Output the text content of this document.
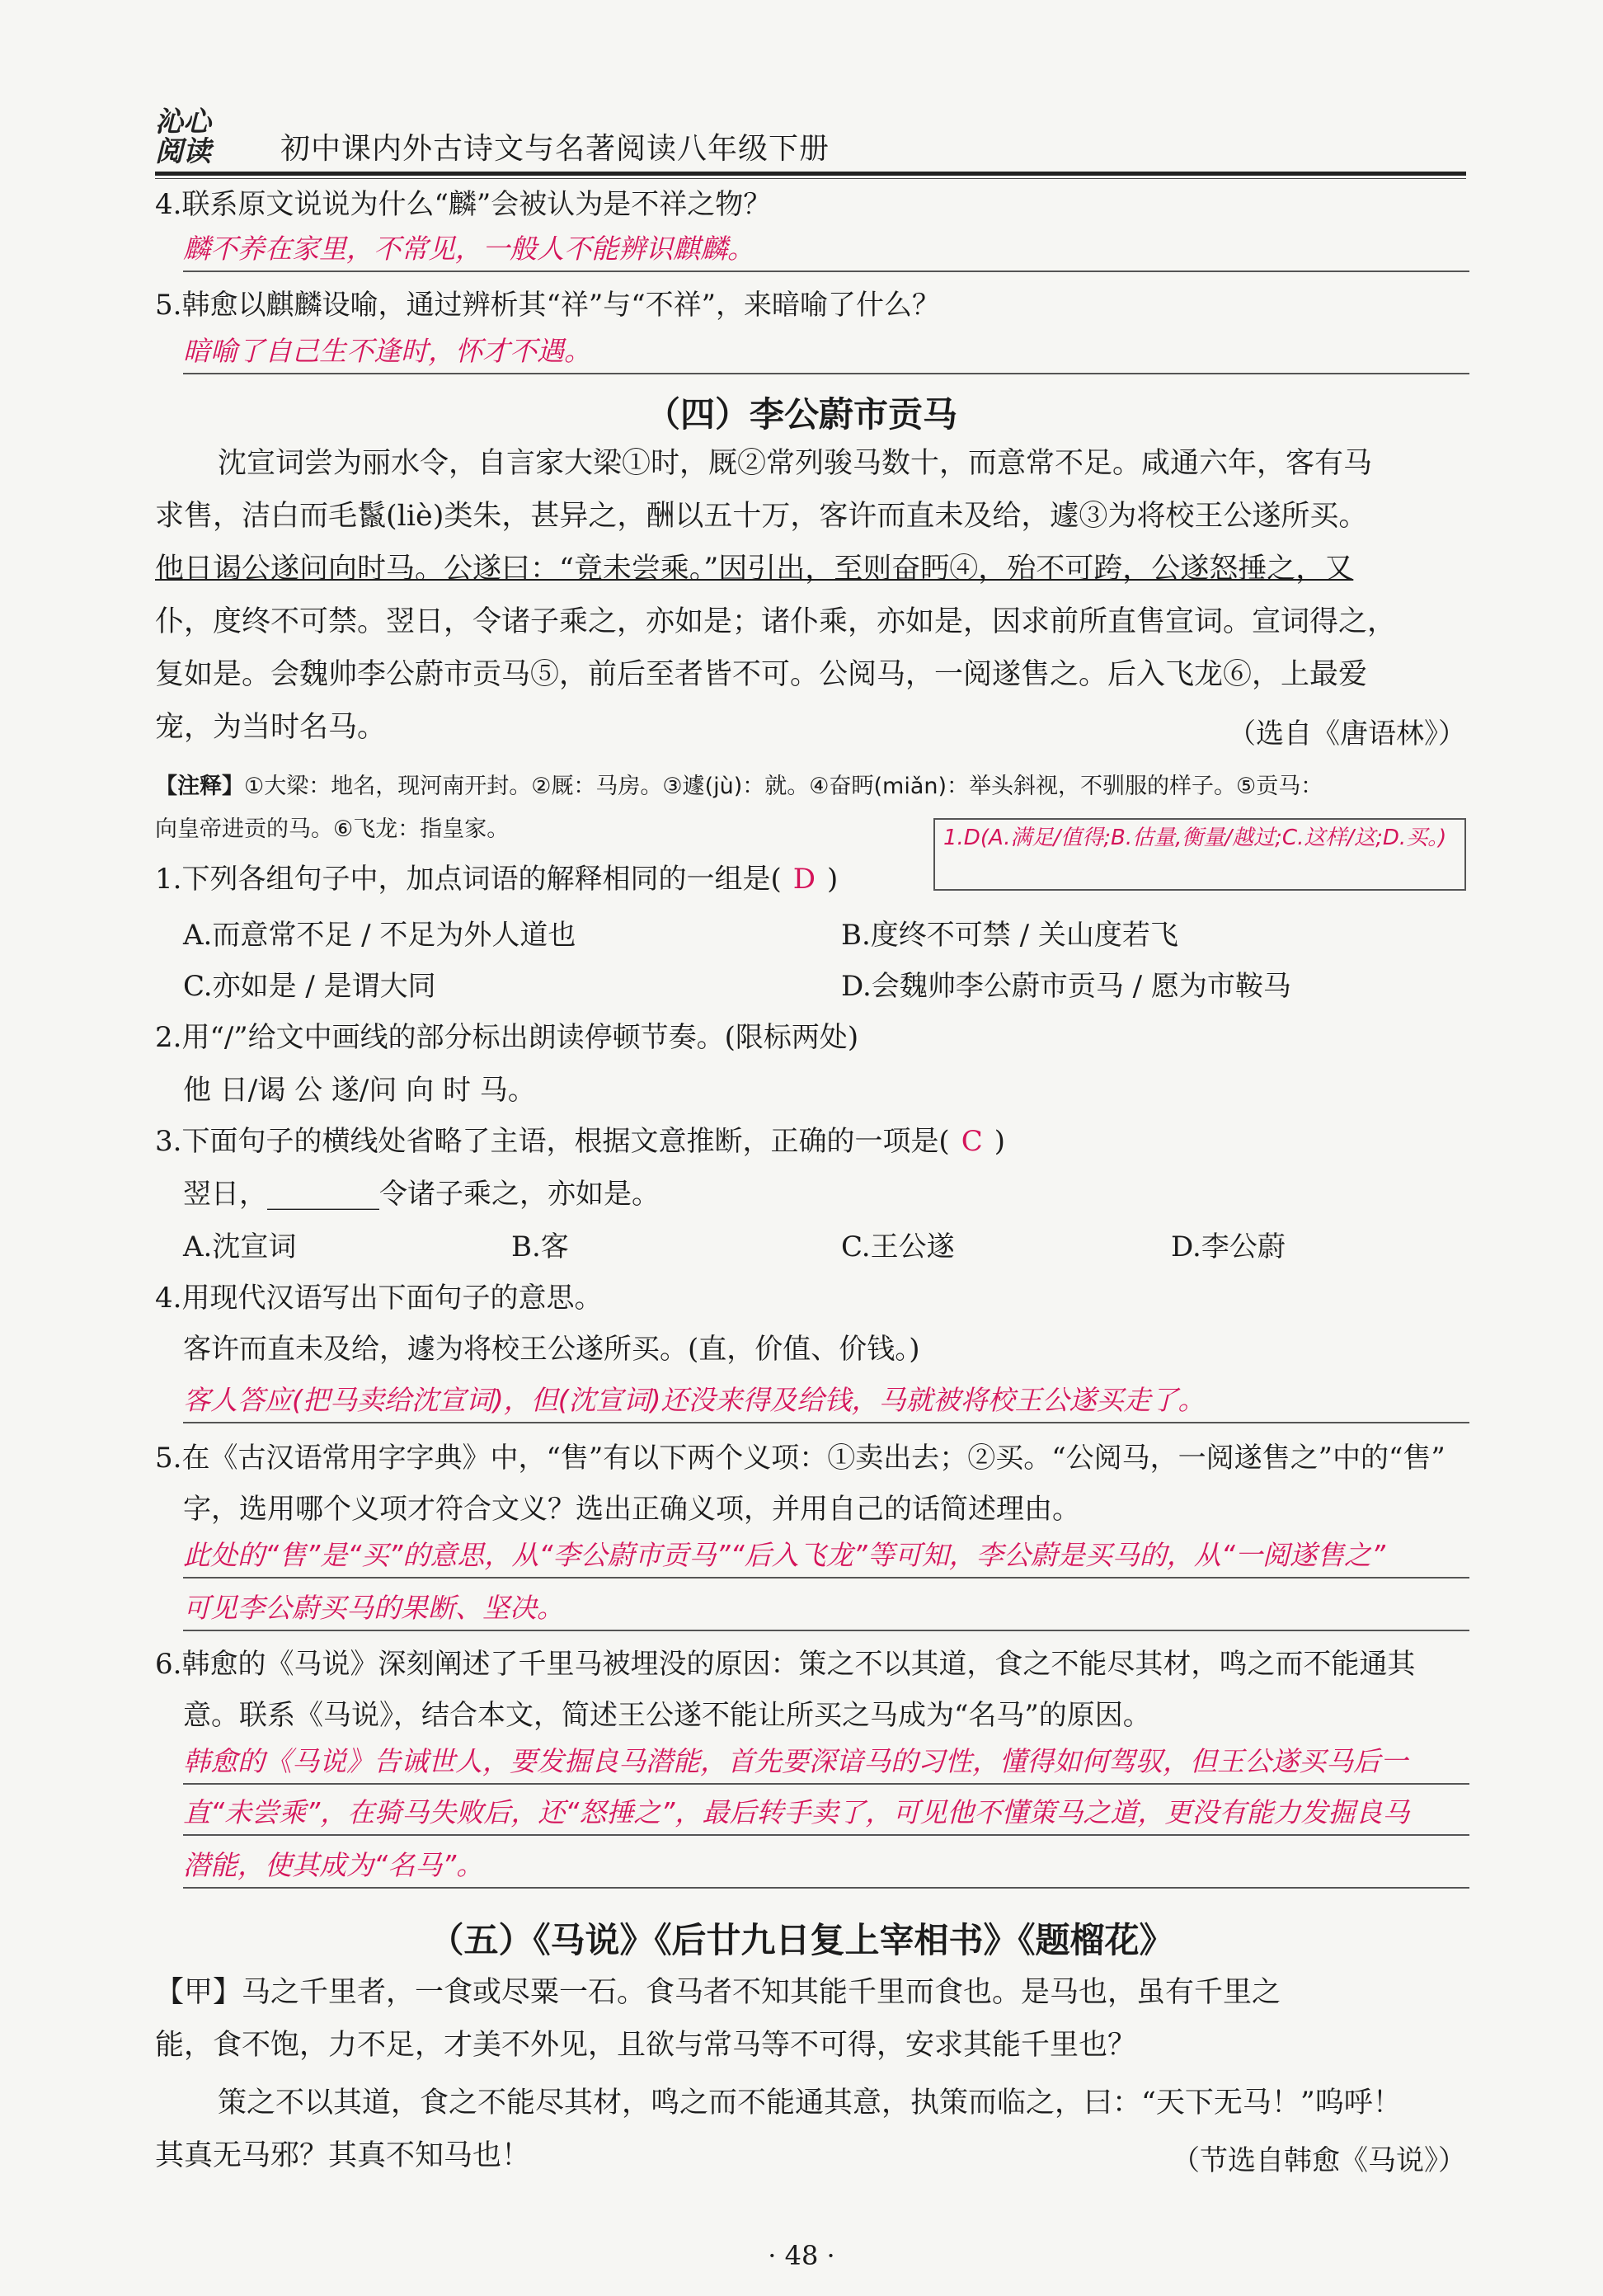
沁心
阅读	初中课内外古诗文与名著阅读八年级下册
4.联系原文说说为什么“麟”会被认为是不祥之物？
麟不养在家里，不常见，一般人不能辨识麒麟。
5.韩愈以麒麟设喻，通过辨析其“祥”与“不祥”，来暗喻了什么？
暗喻了自己生不逢时，怀才不遇。
（四）李公蔚市贡马
沈宣词尝为丽水令，自言家大梁①时，厩②常列骏马数十，而意常不足。咸通六年，客有马
求售，洁白而毛鬣(liè)类朱，甚异之，酬以五十万，客许而直未及给，遽③为将校王公遂所买。
他日谒公遂问向时马。公遂曰：“竟未尝乘。”因引出，至则奋眄④，殆不可跨，公遂怒捶之，又
仆，度终不可禁。翌日，令诸子乘之，亦如是；诸仆乘，亦如是，因求前所直售宣词。宣词得之，
复如是。会魏帅李公蔚市贡马⑤，前后至者皆不可。公阅马，一阅遂售之。后入飞龙⑥，上最爱
宠，为当时名马。	（选自《唐语林》）
【注释】①大梁：地名，现河南开封。②厩：马房。③遽(jù)：就。④奋眄(miǎn)：举头斜视，不驯服的样子。⑤贡马：
向皇帝进贡的马。⑥飞龙：指皇家。	1.D(A.满足/值得;B.估量,衡量/越过;C.这样/这;D.买。)
1.下列各组句子中，加点词语的解释相同的一组是( D )
A.而意常不足 / 不足为外人道也	B.度终不可禁 / 关山度若飞
C.亦如是 / 是谓大同	D.会魏帅李公蔚市贡马 / 愿为市鞍马
2.用“/”给文中画线的部分标出朗读停顿节奏。(限标两处)
他 日/谒 公 遂/问 向 时 马。
3.下面句子的横线处省略了主语，根据文意推断，正确的一项是( C )
翌日，________令诸子乘之，亦如是。
A.沈宣词	B.客	C.王公遂	D.李公蔚
4.用现代汉语写出下面句子的意思。
客许而直未及给，遽为将校王公遂所买。(直，价值、价钱。)
客人答应(把马卖给沈宣词)，但(沈宣词)还没来得及给钱，马就被将校王公遂买走了。
5.在《古汉语常用字字典》中，“售”有以下两个义项：①卖出去；②买。“公阅马，一阅遂售之”中的“售”
字，选用哪个义项才符合文义？选出正确义项，并用自己的话简述理由。
此处的“售”是“买”的意思，从“李公蔚市贡马”“后入飞龙”等可知，李公蔚是买马的，从“一阅遂售之”
可见李公蔚买马的果断、坚决。
6.韩愈的《马说》深刻阐述了千里马被埋没的原因：策之不以其道，食之不能尽其材，鸣之而不能通其
意。联系《马说》，结合本文，简述王公遂不能让所买之马成为“名马”的原因。
韩愈的《马说》告诫世人，要发掘良马潜能，首先要深谙马的习性，懂得如何驾驭，但王公遂买马后一
直“未尝乘”，在骑马失败后，还“怒捶之”，最后转手卖了，可见他不懂策马之道，更没有能力发掘良马
潜能，使其成为“名马”。
（五）《马说》《后廿九日复上宰相书》《题榴花》
【甲】马之千里者，一食或尽粟一石。食马者不知其能千里而食也。是马也，虽有千里之
能，食不饱，力不足，才美不外见，且欲与常马等不可得，安求其能千里也？
策之不以其道，食之不能尽其材，鸣之而不能通其意，执策而临之，曰：“天下无马！”呜呼！
其真无马邪？其真不知马也！	（节选自韩愈《马说》）
· 48 ·
